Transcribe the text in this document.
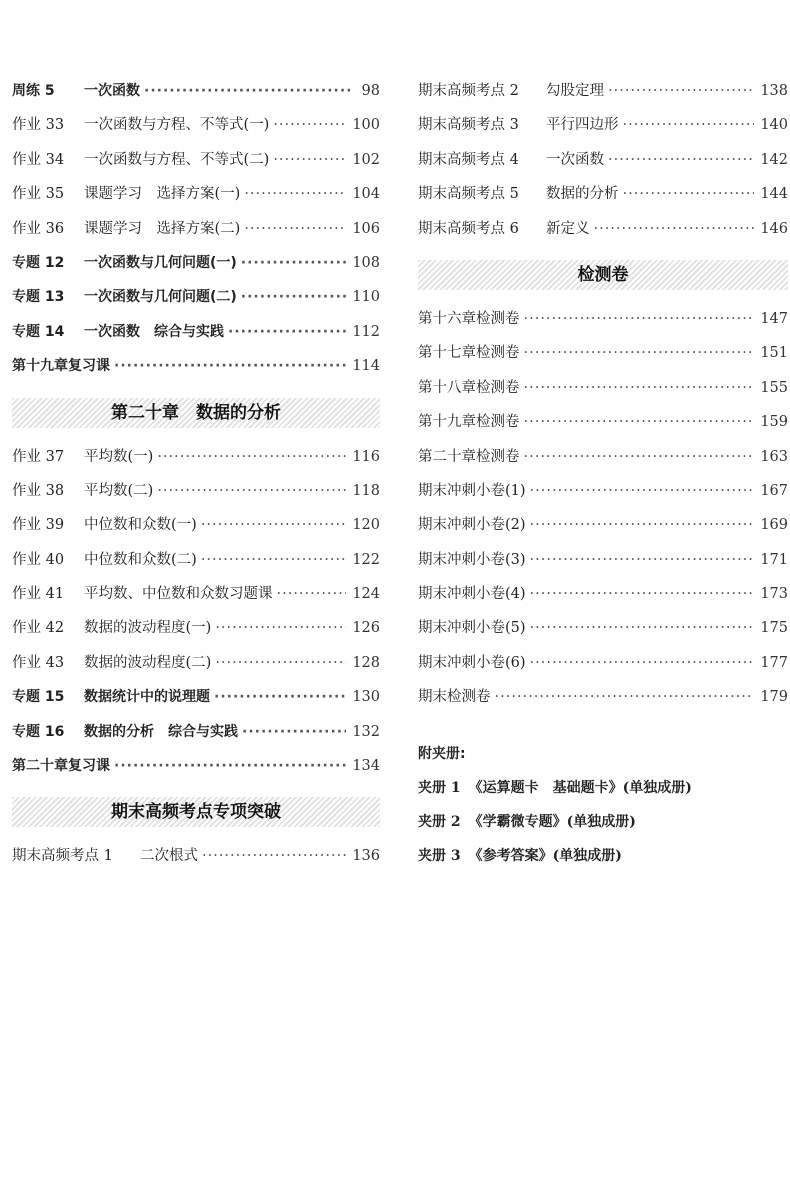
周练 5	一次函数 ·····	98
作业 33	一次函数与方程、不等式(一) ·····	100
作业 34	一次函数与方程、不等式(二) ·····	102
作业 35	课题学习　选择方案(一) ·····	104
作业 36	课题学习　选择方案(二) ·····	106
专题 12	一次函数与几何问题(一) ·····	108
专题 13	一次函数与几何问题(二) ·····	110
专题 14	一次函数　综合与实践 ·····	112
第十九章复习课 ·····	114
第二十章　数据的分析
作业 37	平均数(一) ·····	116
作业 38	平均数(二) ·····	118
作业 39	中位数和众数(一) ·····	120
作业 40	中位数和众数(二) ·····	122
作业 41	平均数、中位数和众数习题课 ·····	124
作业 42	数据的波动程度(一) ·····	126
作业 43	数据的波动程度(二) ·····	128
专题 15	数据统计中的说理题 ·····	130
专题 16	数据的分析　综合与实践 ·····	132
第二十章复习课 ·····	134
期末高频考点专项突破
期末高频考点 1	二次根式 ·····	136
期末高频考点 2	勾股定理 ·····	138
期末高频考点 3	平行四边形 ·····	140
期末高频考点 4	一次函数 ·····	142
期末高频考点 5	数据的分析 ·····	144
期末高频考点 6	新定义 ·····	146
检测卷
第十六章检测卷 ·····	147
第十七章检测卷 ·····	151
第十八章检测卷 ·····	155
第十九章检测卷 ·····	159
第二十章检测卷 ·····	163
期末冲刺小卷(1) ·····	167
期末冲刺小卷(2) ·····	169
期末冲刺小卷(3) ·····	171
期末冲刺小卷(4) ·····	173
期末冲刺小卷(5) ·····	175
期末冲刺小卷(6) ·····	177
期末检测卷 ·····	179
附夹册:
夹册 1 《运算题卡　基础题卡》(单独成册)
夹册 2 《学霸微专题》(单独成册)
夹册 3 《参考答案》(单独成册)
